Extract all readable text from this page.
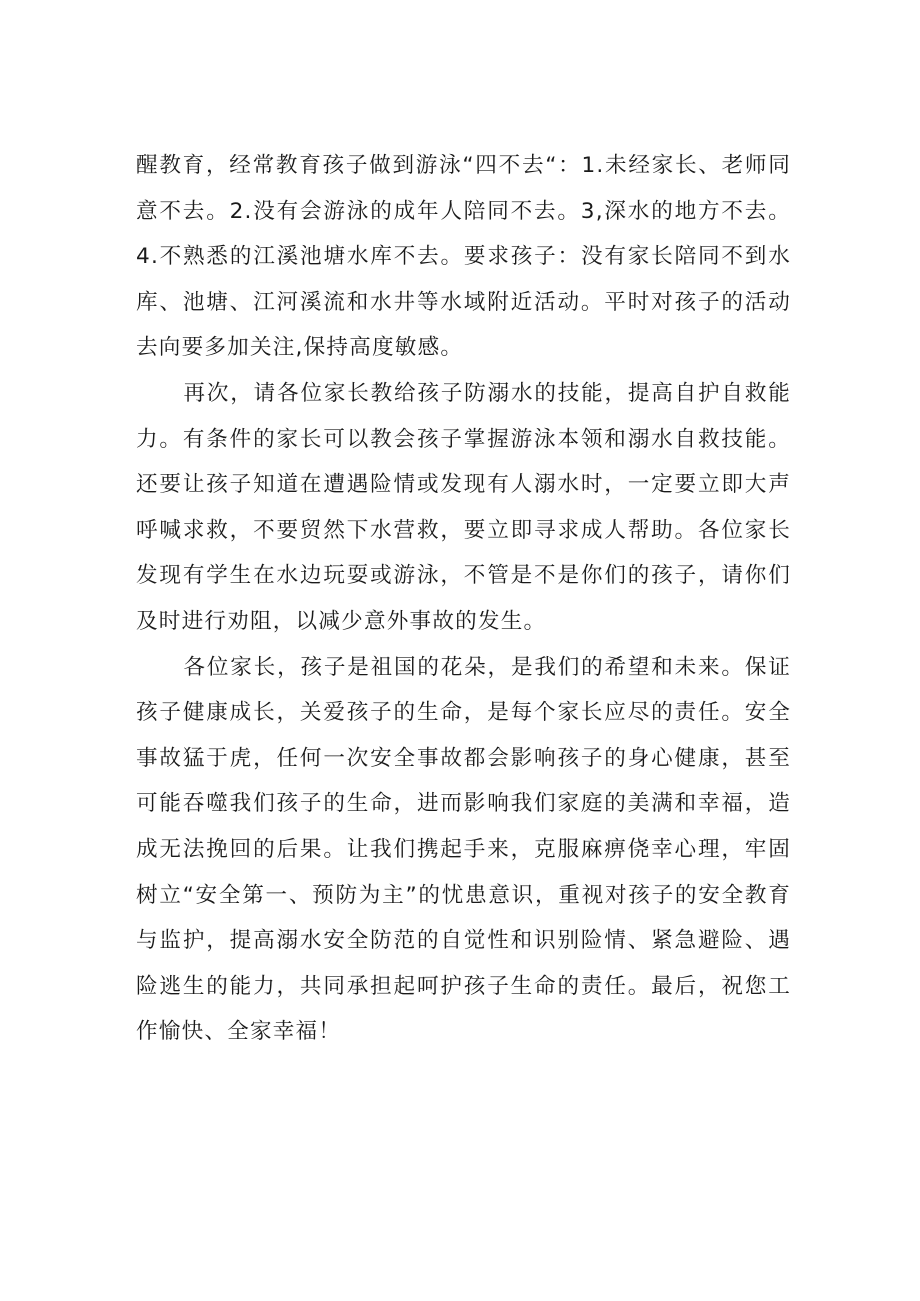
醒教育，经常教育孩子做到游泳“四不去“：1.未经家长、老师同意不去。2.没有会游泳的成年人陪同不去。3,深水的地方不去。4.不熟悉的江溪池塘水库不去。要求孩子：没有家长陪同不到水库、池塘、江河溪流和水井等水域附近活动。平时对孩子的活动去向要多加关注,保持高度敏感。

再次，请各位家长教给孩子防溺水的技能，提高自护自救能力。有条件的家长可以教会孩子掌握游泳本领和溺水自救技能。还要让孩子知道在遭遇险情或发现有人溺水时，一定要立即大声呼喊求救，不要贸然下水营救，要立即寻求成人帮助。各位家长发现有学生在水边玩耍或游泳，不管是不是你们的孩子，请你们及时进行劝阻，以减少意外事故的发生。

各位家长，孩子是祖国的花朵，是我们的希望和未来。保证孩子健康成长，关爱孩子的生命，是每个家长应尽的责任。安全事故猛于虎，任何一次安全事故都会影响孩子的身心健康，甚至可能吞噬我们孩子的生命，进而影响我们家庭的美满和幸福，造成无法挽回的后果。让我们携起手来，克服麻痹侥幸心理，牢固树立“安全第一、预防为主”的忧患意识，重视对孩子的安全教育与监护，提高溺水安全防范的自觉性和识别险情、紧急避险、遇险逃生的能力，共同承担起呵护孩子生命的责任。最后，祝您工作愉快、全家幸福！
